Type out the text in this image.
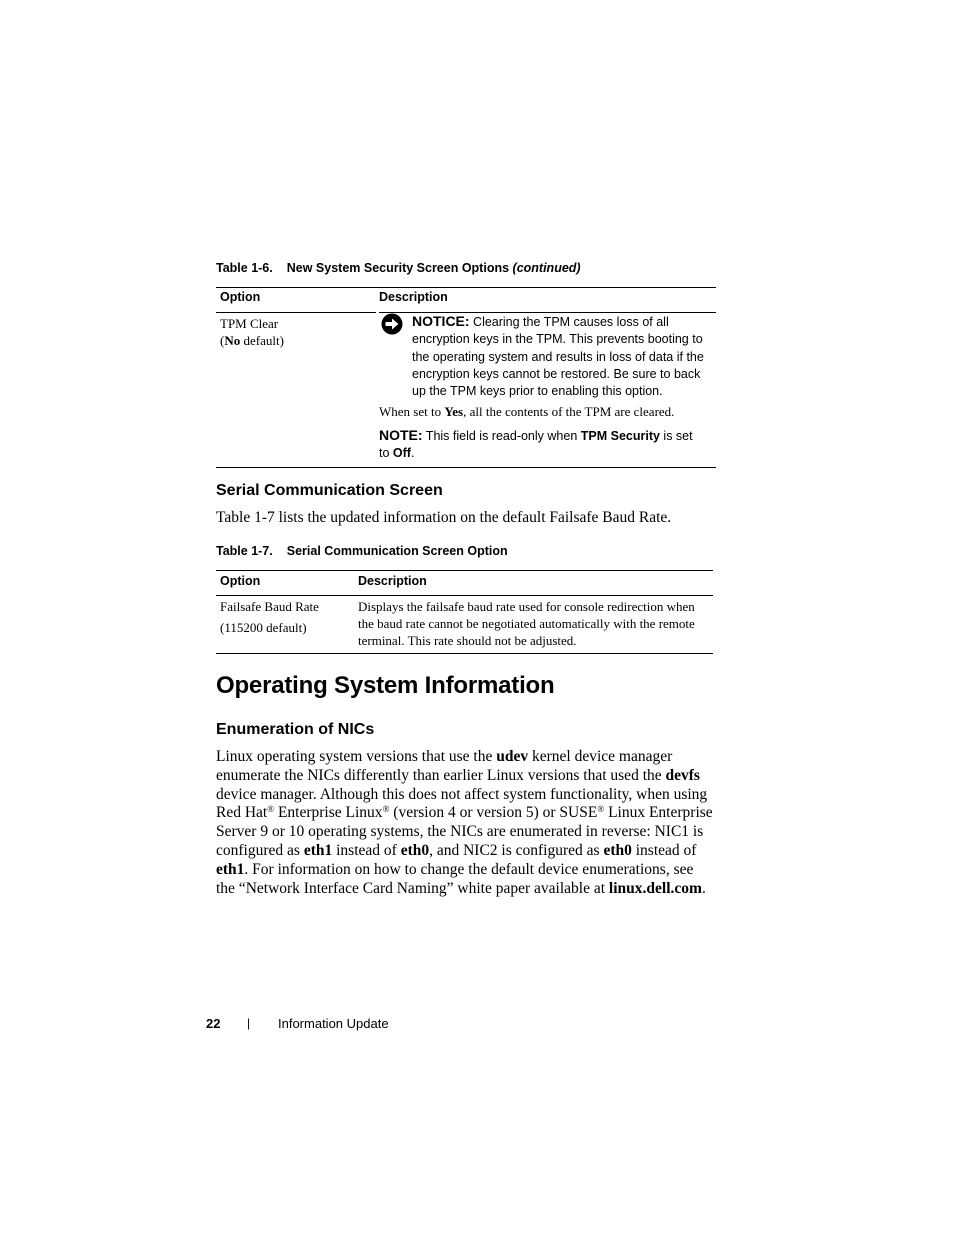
Table 1-6. New System Security Screen Options (continued)
Option	Description
TPM Clear
(No default)
NOTICE: Clearing the TPM causes loss of all encryption keys in the TPM. This prevents booting to the operating system and results in loss of data if the encryption keys cannot be restored. Be sure to back up the TPM keys prior to enabling this option.
When set to Yes, all the contents of the TPM are cleared.
NOTE: This field is read-only when TPM Security is set to Off.
Serial Communication Screen
Table 1-7 lists the updated information on the default Failsafe Baud Rate.
Table 1-7. Serial Communication Screen Option
Option	Description
Failsafe Baud Rate
(115200 default)
Displays the failsafe baud rate used for console redirection when the baud rate cannot be negotiated automatically with the remote terminal. This rate should not be adjusted.
Operating System Information
Enumeration of NICs
Linux operating system versions that use the udev kernel device manager enumerate the NICs differently than earlier Linux versions that used the devfs device manager. Although this does not affect system functionality, when using Red Hat® Enterprise Linux® (version 4 or version 5) or SUSE® Linux Enterprise Server 9 or 10 operating systems, the NICs are enumerated in reverse: NIC1 is configured as eth1 instead of eth0, and NIC2 is configured as eth0 instead of eth1. For information on how to change the default device enumerations, see the “Network Interface Card Naming” white paper available at linux.dell.com.
22 | Information Update
